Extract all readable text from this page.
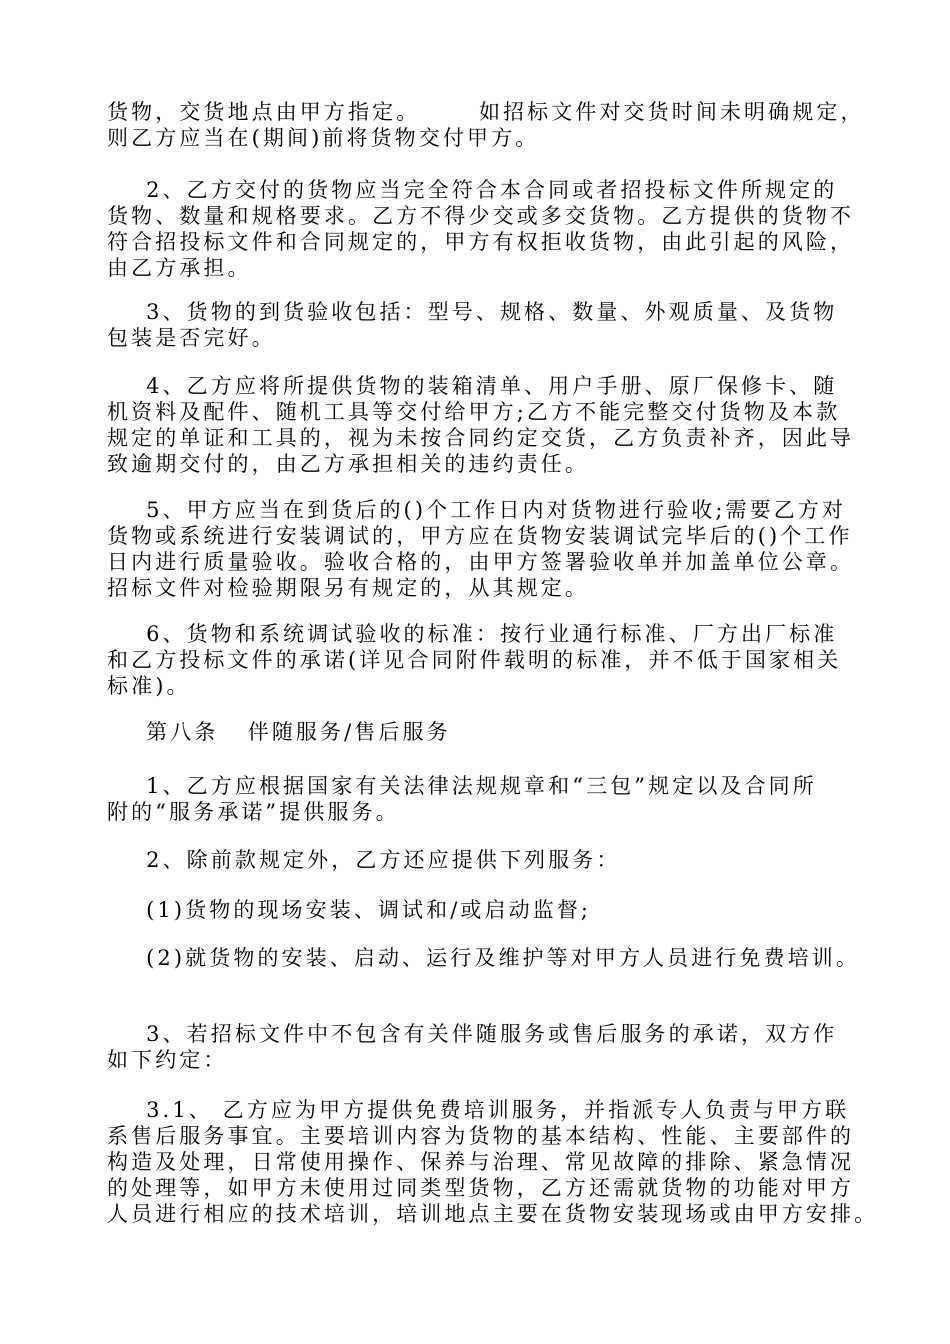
货物，交货地点由甲方指定。      如招标文件对交货时间未明确规定，
则乙方应当在(期间)前将货物交付甲方。
2、乙方交付的货物应当完全符合本合同或者招投标文件所规定的
货物、数量和规格要求。乙方不得少交或多交货物。乙方提供的货物不
符合招投标文件和合同规定的，甲方有权拒收货物，由此引起的风险，
由乙方承担。
3、货物的到货验收包括：型号、规格、数量、外观质量、及货物
包装是否完好。
4、乙方应将所提供货物的装箱清单、用户手册、原厂保修卡、随
机资料及配件、随机工具等交付给甲方;乙方不能完整交付货物及本款
规定的单证和工具的，视为未按合同约定交货，乙方负责补齐，因此导
致逾期交付的，由乙方承担相关的违约责任。
5、甲方应当在到货后的()个工作日内对货物进行验收;需要乙方对
货物或系统进行安装调试的，甲方应在货物安装调试完毕后的()个工作
日内进行质量验收。验收合格的，由甲方签署验收单并加盖单位公章。
招标文件对检验期限另有规定的，从其规定。
6、货物和系统调试验收的标准：按行业通行标准、厂方出厂标准
和乙方投标文件的承诺(详见合同附件载明的标准，并不低于国家相关
标准)。
第八条   伴随服务/售后服务
1、乙方应根据国家有关法律法规规章和“三包”规定以及合同所
附的“服务承诺”提供服务。
2、除前款规定外，乙方还应提供下列服务：
(1)货物的现场安装、调试和/或启动监督;
(2)就货物的安装、启动、运行及维护等对甲方人员进行免费培训。
3、若招标文件中不包含有关伴随服务或售后服务的承诺，双方作
如下约定：
3.1、 乙方应为甲方提供免费培训服务，并指派专人负责与甲方联
系售后服务事宜。主要培训内容为货物的基本结构、性能、主要部件的
构造及处理，日常使用操作、保养与治理、常见故障的排除、紧急情况
的处理等，如甲方未使用过同类型货物，乙方还需就货物的功能对甲方
人员进行相应的技术培训，培训地点主要在货物安装现场或由甲方安排。
